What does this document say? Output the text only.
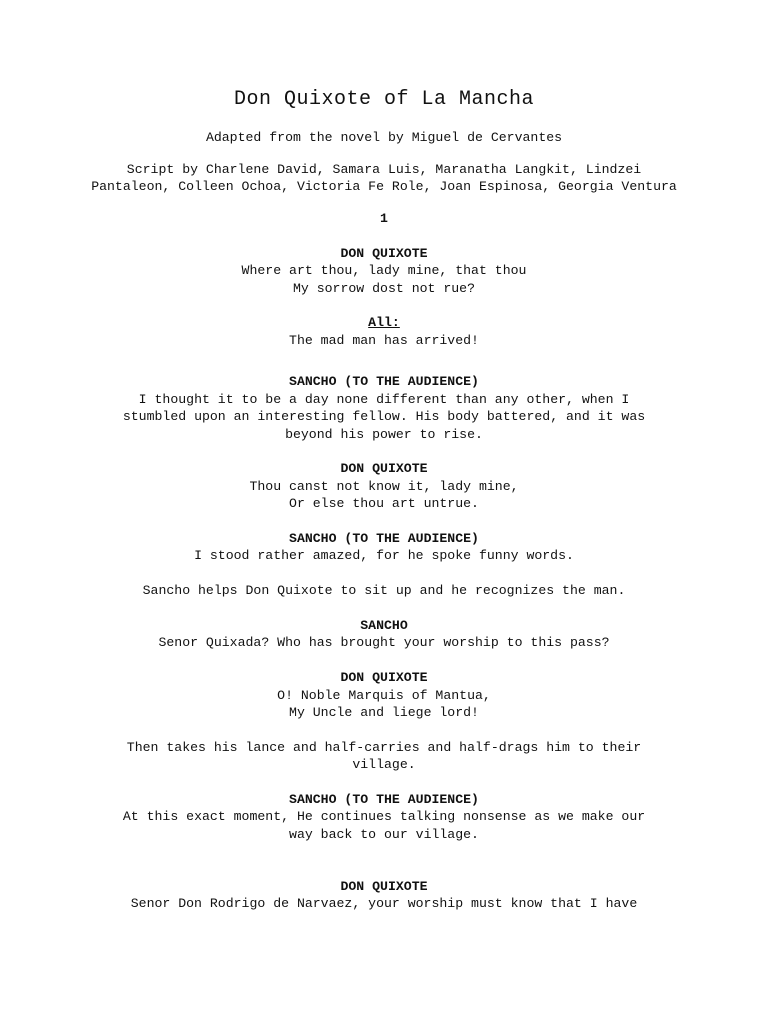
Don Quixote of La Mancha
Adapted from the novel by Miguel de Cervantes
Script by Charlene David, Samara Luis, Maranatha Langkit, Lindzei
Pantaleon, Colleen Ochoa, Victoria Fe Role, Joan Espinosa, Georgia Ventura
1
DON QUIXOTE
Where art thou, lady mine, that thou
My sorrow dost not rue?
All:
The mad man has arrived!
SANCHO (TO THE AUDIENCE)
I thought it to be a day none different than any other, when I
stumbled upon an interesting fellow. His body battered, and it was
beyond his power to rise.
DON QUIXOTE
Thou canst not know it, lady mine,
Or else thou art untrue.
SANCHO (TO THE AUDIENCE)
I stood rather amazed, for he spoke funny words.
Sancho helps Don Quixote to sit up and he recognizes the man.
SANCHO
Senor Quixada? Who has brought your worship to this pass?
DON QUIXOTE
O! Noble Marquis of Mantua,
My Uncle and liege lord!
Then takes his lance and half-carries and half-drags him to their
village.
SANCHO (TO THE AUDIENCE)
At this exact moment, He continues talking nonsense as we make our
way back to our village.
DON QUIXOTE
Senor Don Rodrigo de Narvaez, your worship must know that I have
